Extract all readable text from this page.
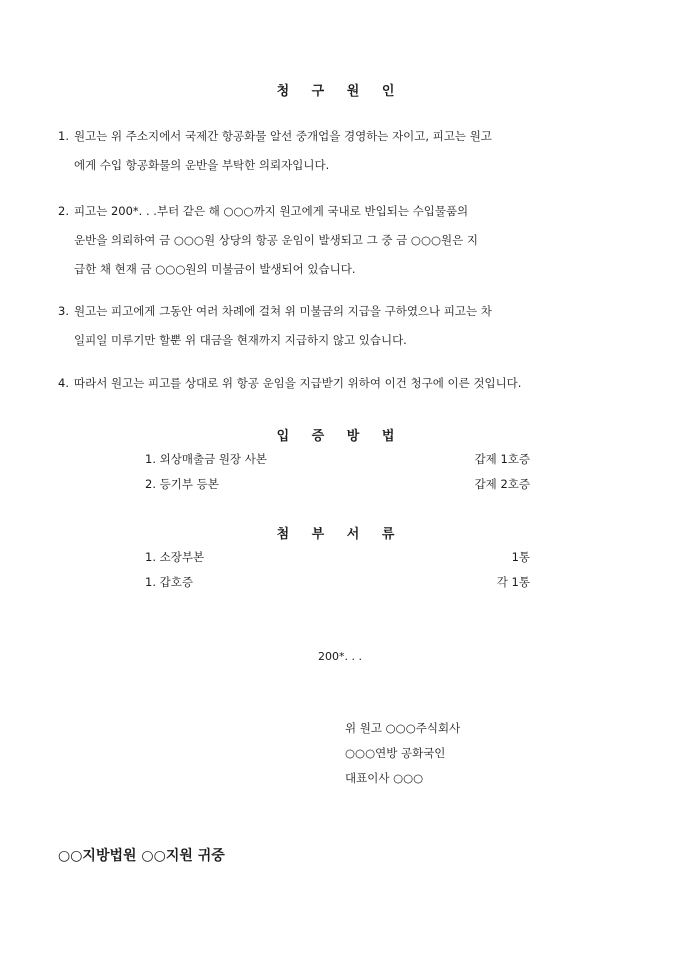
청 구 원 인
1. 원고는 위 주소지에서 국제간 항공화물 알선 중개업을 경영하는 자이고, 피고는 원고
에게 수입 항공화물의 운반을 부탁한 의뢰자입니다.
2. 피고는 200*. . .부터 같은 해 ○○○까지 원고에게 국내로 반입되는 수입물품의
운반을 의뢰하여 금 ○○○원 상당의 항공 운임이 발생되고 그 중 금 ○○○원은 지
급한 채 현재 금 ○○○원의 미불금이 발생되어 있습니다.
3. 원고는 피고에게 그동안 여러 차례에 걸쳐 위 미불금의 지급을 구하였으나 피고는 차
일피일 미루기만 할뿐 위 대금을 현재까지 지급하지 않고 있습니다.
4. 따라서 원고는 피고를 상대로 위 항공 운임을 지급받기 위하여 이건 청구에 이른 것입니다.
입 증 방 법
1. 외상매출금 원장 사본	갑제 1호증
2. 등기부 등본	갑제 2호증
첨 부 서 류
1. 소장부본	1통
1. 갑호증	각 1통
200*. . .
위 원고 ○○○주식회사
○○○연방 공화국인
대표이사 ○○○
○○지방법원 ○○지원 귀중
